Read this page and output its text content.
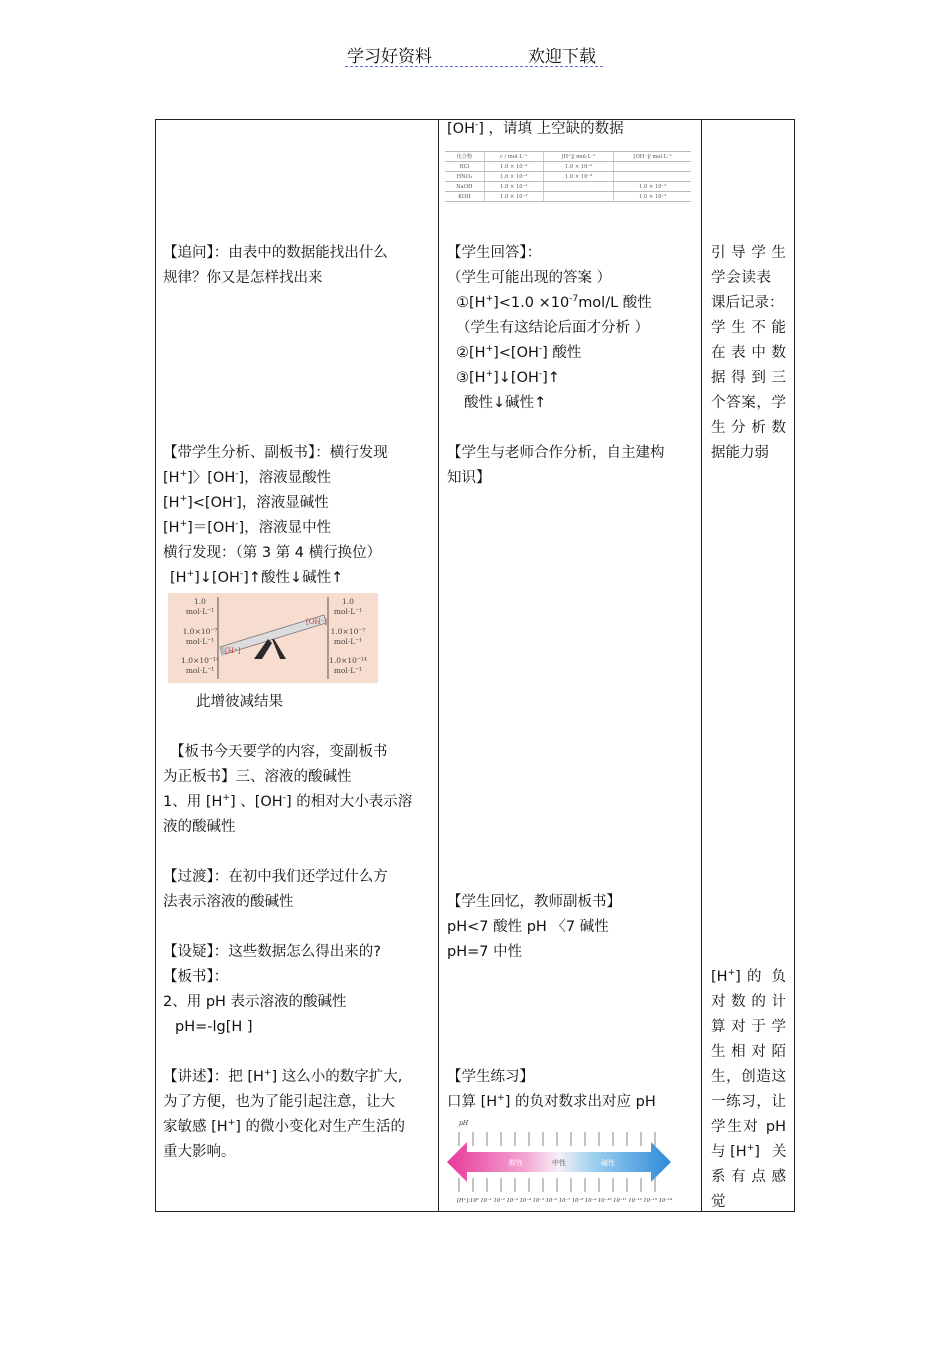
学习好资料	欢迎下载
【追问】：由表中的数据能找出什么
规律？你又是怎样找出来
【带学生分析、副板书】：横行发现
[H+]〉[OH-]，溶液显酸性
[H+]<[OH-]，溶液显碱性
[H+]＝[OH-]，溶液显中性
横行发现：（第 3 第 4 横行换位）
[H+]↓[OH-]↑酸性↓碱性↑
1.0
mol·L⁻¹
1.0×10⁻⁷
mol·L⁻¹
1.0×10⁻¹⁴
mol·L⁻¹
1.0
mol·L⁻¹
1.0×10⁻⁷
mol·L⁻¹
1.0×10⁻¹⁴
mol·L⁻¹
[H⁺]
[OH⁻]
此增彼减结果
【板书今天要学的内容，变副板书
为正板书】三、溶液的酸碱性
1、用 [H+] 、[OH-] 的相对大小表示溶
液的酸碱性
【过渡】：在初中我们还学过什么方
法表示溶液的酸碱性
【设疑】：这些数据怎么得出来的?
【板书】：
2、用 pH 表示溶液的酸碱性
pH=-lg[H ]
【讲述】：把 [H+] 这么小的数字扩大,
为了方便，也为了能引起注意，让大
家敏感 [H+] 的微小变化对生产生活的
重大影响。
[OH-] ，请填 上空缺的数据
化合物	c / mol·L⁻¹	[H⁺]/ mol·L⁻¹	[OH⁻]/ mol·L⁻¹
HCl	1.0 × 10⁻²	1.0 × 10⁻²	
HNO₃	1.0 × 10⁻³	1.0 × 10⁻³	
NaOH	1.0 × 10⁻²		1.0 × 10⁻²
KOH	1.0 × 10⁻³		1.0 × 10⁻³
【学生回答】：
（学生可能出现的答案 ）
①[H+]<1.0 $\times 10^{-7}mol/L$ 酸性
（学生有这结论后面才分析 ）
②[H+]<[OH-] 酸性
③[H+]↓[OH-]↑
酸性↓碱性↑
【学生与老师合作分析，自主建构
知识】
【学生回忆，教师副板书】
pH<7 酸性 pH 〈7 碱性
pH=7 中性
【学生练习】
口算 [H+] 的负对数求出对应 pH
pH
酸性	中性	碱性
[H⁺]:10⁰ 10⁻¹ 10⁻² 10⁻³ 10⁻⁴ 10⁻⁵ 10⁻⁶ 10⁻⁷ 10⁻⁸ 10⁻⁹ 10⁻¹⁰ 10⁻¹¹ 10⁻¹² 10⁻¹³ 10⁻¹⁴
引导学生
学会读表
课后记录：
学生不能
在表中数
据得到三
个答案，学
生分析数
据能力弱
[H+] 的负
对数的计
算对于学
生相对陌
生，创造这
一练习，让
学生对 pH
与 [H+] 关
系有点感
觉
